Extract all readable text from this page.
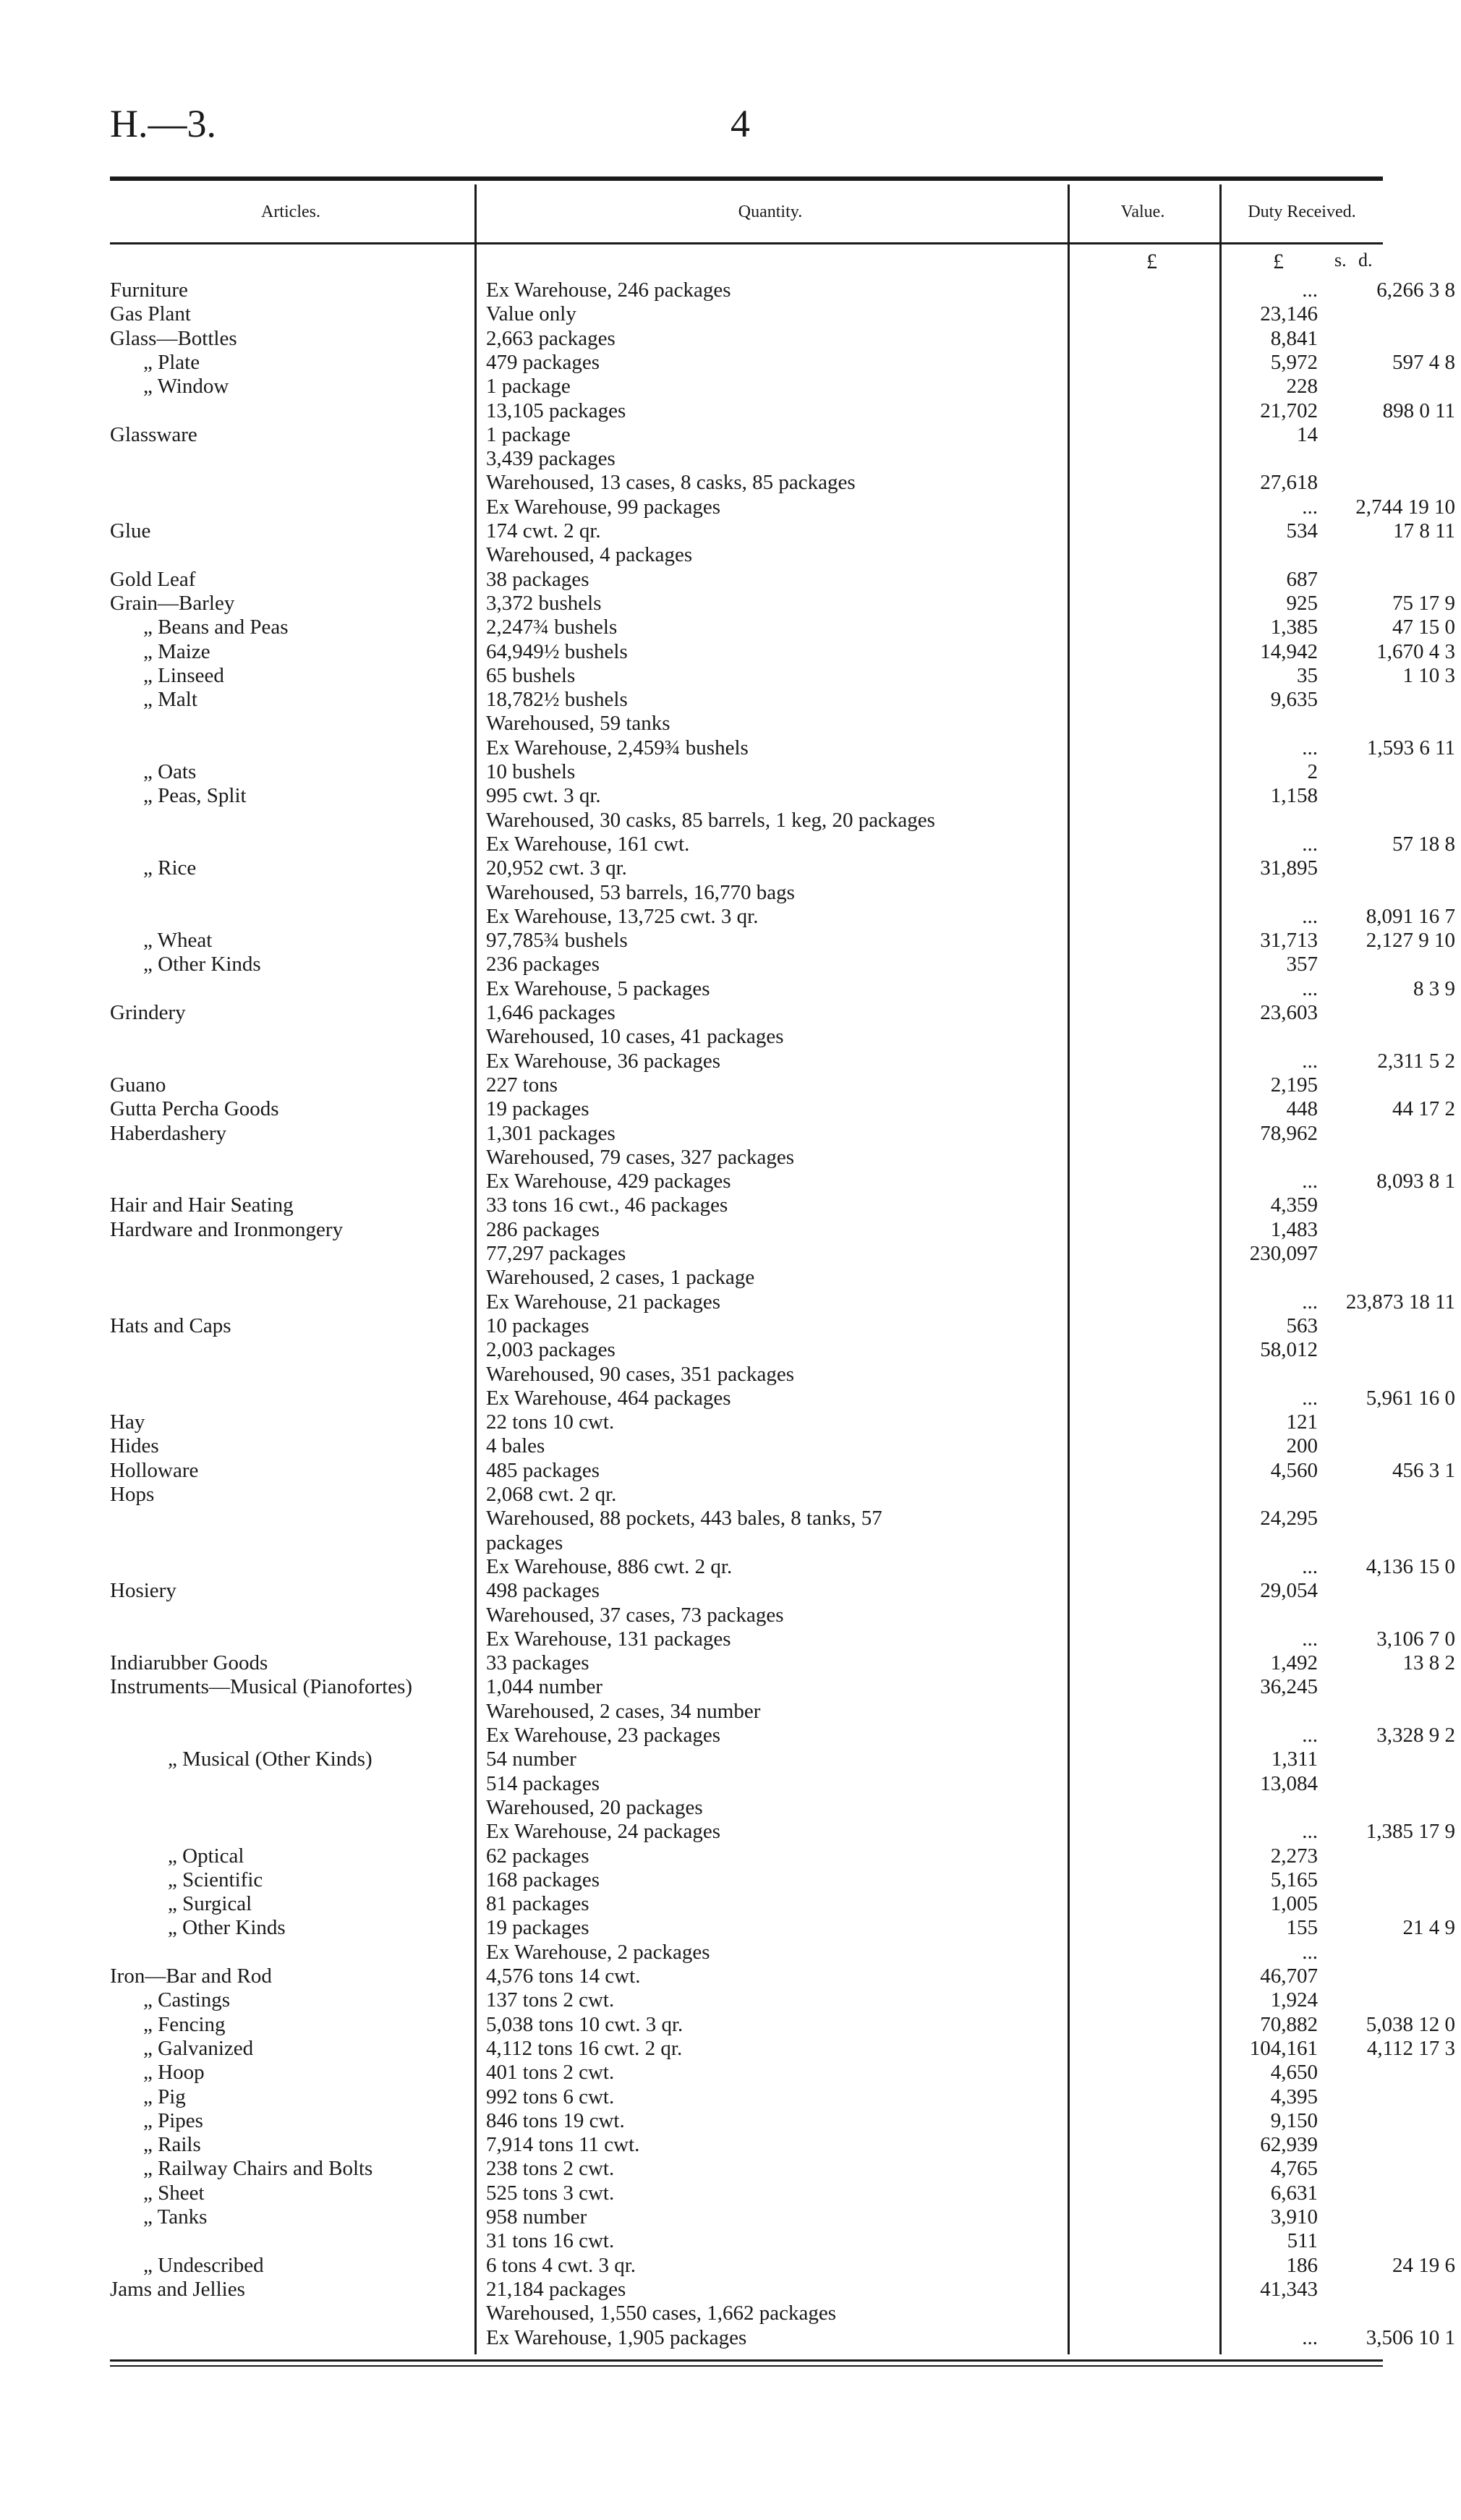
H.—3.	4
Articles.	Quantity.	Value.	Duty Received.
£	£	s. d.
Furniture	Ex Warehouse, 246 packages	...	6,266 3 8
Gas Plant	Value only	23,146
Glass—Bottles	2,663 packages	8,841
„ Plate	479 packages	5,972	597 4 8
„ Window	1 package	228
13,105 packages	21,702	898 0 11
Glassware	1 package	14
3,439 packages
Warehoused, 13 cases, 8 casks, 85 packages	27,618
Ex Warehouse, 99 packages	...	2,744 19 10
Glue	174 cwt. 2 qr.	534	17 8 11
Warehoused, 4 packages
Gold Leaf	38 packages	687
Grain—Barley	3,372 bushels	925	75 17 9
„ Beans and Peas	2,247¾ bushels	1,385	47 15 0
„ Maize	64,949½ bushels	14,942	1,670 4 3
„ Linseed	65 bushels	35	1 10 3
„ Malt	18,782½ bushels	9,635
Warehoused, 59 tanks
Ex Warehouse, 2,459¾ bushels	...	1,593 6 11
„ Oats	10 bushels	2
„ Peas, Split	995 cwt. 3 qr.	1,158
Warehoused, 30 casks, 85 barrels, 1 keg, 20 packages
Ex Warehouse, 161 cwt.	...	57 18 8
„ Rice	20,952 cwt. 3 qr.	31,895
Warehoused, 53 barrels, 16,770 bags
Ex Warehouse, 13,725 cwt. 3 qr.	...	8,091 16 7
„ Wheat	97,785¾ bushels	31,713	2,127 9 10
„ Other Kinds	236 packages	357
Ex Warehouse, 5 packages	...	8 3 9
Grindery	1,646 packages	23,603
Warehoused, 10 cases, 41 packages
Ex Warehouse, 36 packages	...	2,311 5 2
Guano	227 tons	2,195
Gutta Percha Goods	19 packages	448	44 17 2
Haberdashery	1,301 packages	78,962
Warehoused, 79 cases, 327 packages
Ex Warehouse, 429 packages	...	8,093 8 1
Hair and Hair Seating	33 tons 16 cwt., 46 packages	4,359
Hardware and Ironmongery	286 packages	1,483
77,297 packages	230,097
Warehoused, 2 cases, 1 package
Ex Warehouse, 21 packages	...	23,873 18 11
Hats and Caps	10 packages	563
2,003 packages	58,012
Warehoused, 90 cases, 351 packages
Ex Warehouse, 464 packages	...	5,961 16 0
Hay	22 tons 10 cwt.	121
Hides	4 bales	200
Holloware	485 packages	4,560	456 3 1
Hops	2,068 cwt. 2 qr.
Warehoused, 88 pockets, 443 bales, 8 tanks, 57	24,295
packages
Ex Warehouse, 886 cwt. 2 qr.	...	4,136 15 0
Hosiery	498 packages	29,054
Warehoused, 37 cases, 73 packages
Ex Warehouse, 131 packages	...	3,106 7 0
Indiarubber Goods	33 packages	1,492	13 8 2
Instruments—Musical (Pianofortes)	1,044 number	36,245
Warehoused, 2 cases, 34 number
Ex Warehouse, 23 packages	...	3,328 9 2
„ Musical (Other Kinds)	54 number	1,311
514 packages	13,084
Warehoused, 20 packages
Ex Warehouse, 24 packages	...	1,385 17 9
„ Optical	62 packages	2,273
„ Scientific	168 packages	5,165
„ Surgical	81 packages	1,005
„ Other Kinds	19 packages	155	21 4 9
Ex Warehouse, 2 packages	...
Iron—Bar and Rod	4,576 tons 14 cwt.	46,707
„ Castings	137 tons 2 cwt.	1,924
„ Fencing	5,038 tons 10 cwt. 3 qr.	70,882	5,038 12 0
„ Galvanized	4,112 tons 16 cwt. 2 qr.	104,161	4,112 17 3
„ Hoop	401 tons 2 cwt.	4,650
„ Pig	992 tons 6 cwt.	4,395
„ Pipes	846 tons 19 cwt.	9,150
„ Rails	7,914 tons 11 cwt.	62,939
„ Railway Chairs and Bolts	238 tons 2 cwt.	4,765
„ Sheet	525 tons 3 cwt.	6,631
„ Tanks	958 number	3,910
31 tons 16 cwt.	511
„ Undescribed	6 tons 4 cwt. 3 qr.	186	24 19 6
Jams and Jellies	21,184 packages	41,343
Warehoused, 1,550 cases, 1,662 packages
Ex Warehouse, 1,905 packages	...	3,506 10 1
